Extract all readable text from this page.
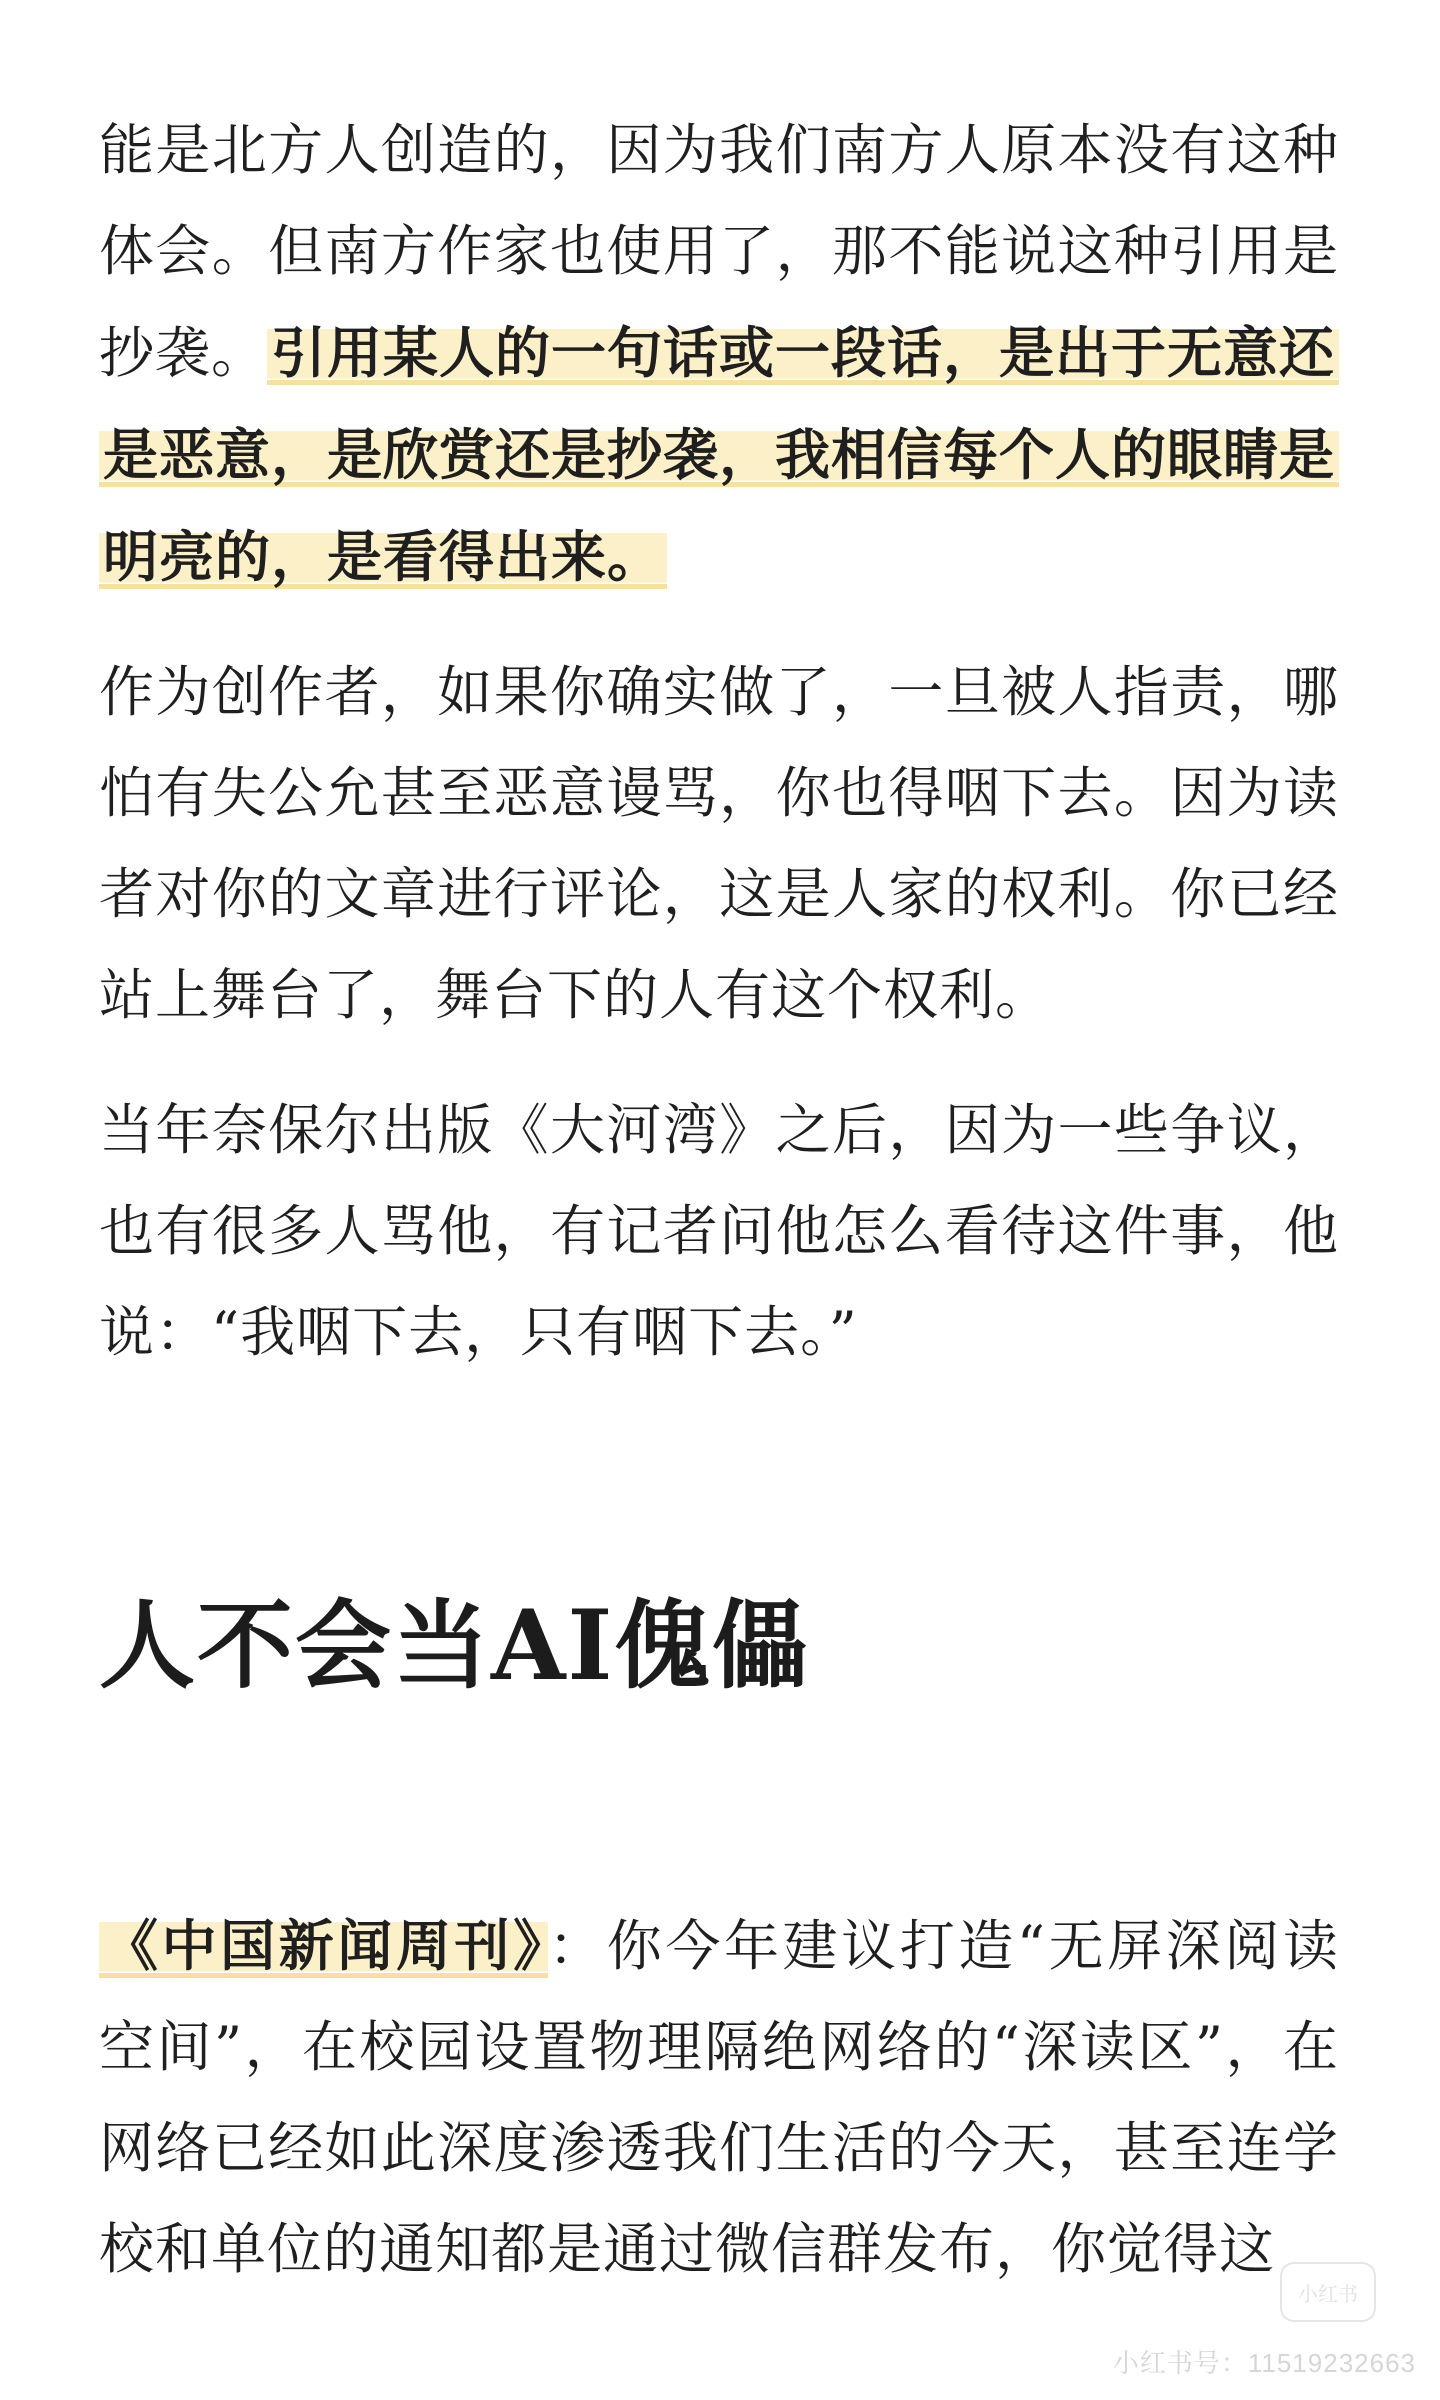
能是北方人创造的，因为我们南方人原本没有这种体会。但南方作家也使用了，那不能说这种引用是抄袭。引用某人的一句话或一段话，是出于无意还是恶意，是欣赏还是抄袭，我相信每个人的眼睛是明亮的，是看得出来。

作为创作者，如果你确实做了，一旦被人指责，哪怕有失公允甚至恶意谩骂，你也得咽下去。因为读者对你的文章进行评论，这是人家的权利。你已经站上舞台了，舞台下的人有这个权利。

当年奈保尔出版《大河湾》之后，因为一些争议，也有很多人骂他，有记者问他怎么看待这件事，他说：“我咽下去，只有咽下去。”

人不会当AI傀儡

《中国新闻周刊》：你今年建议打造“无屏深阅读空间”，在校园设置物理隔绝网络的“深读区”，在网络已经如此深度渗透我们生活的今天，甚至连学校和单位的通知都是通过微信群发布，你觉得这

小红书
小红书号：11519232663
